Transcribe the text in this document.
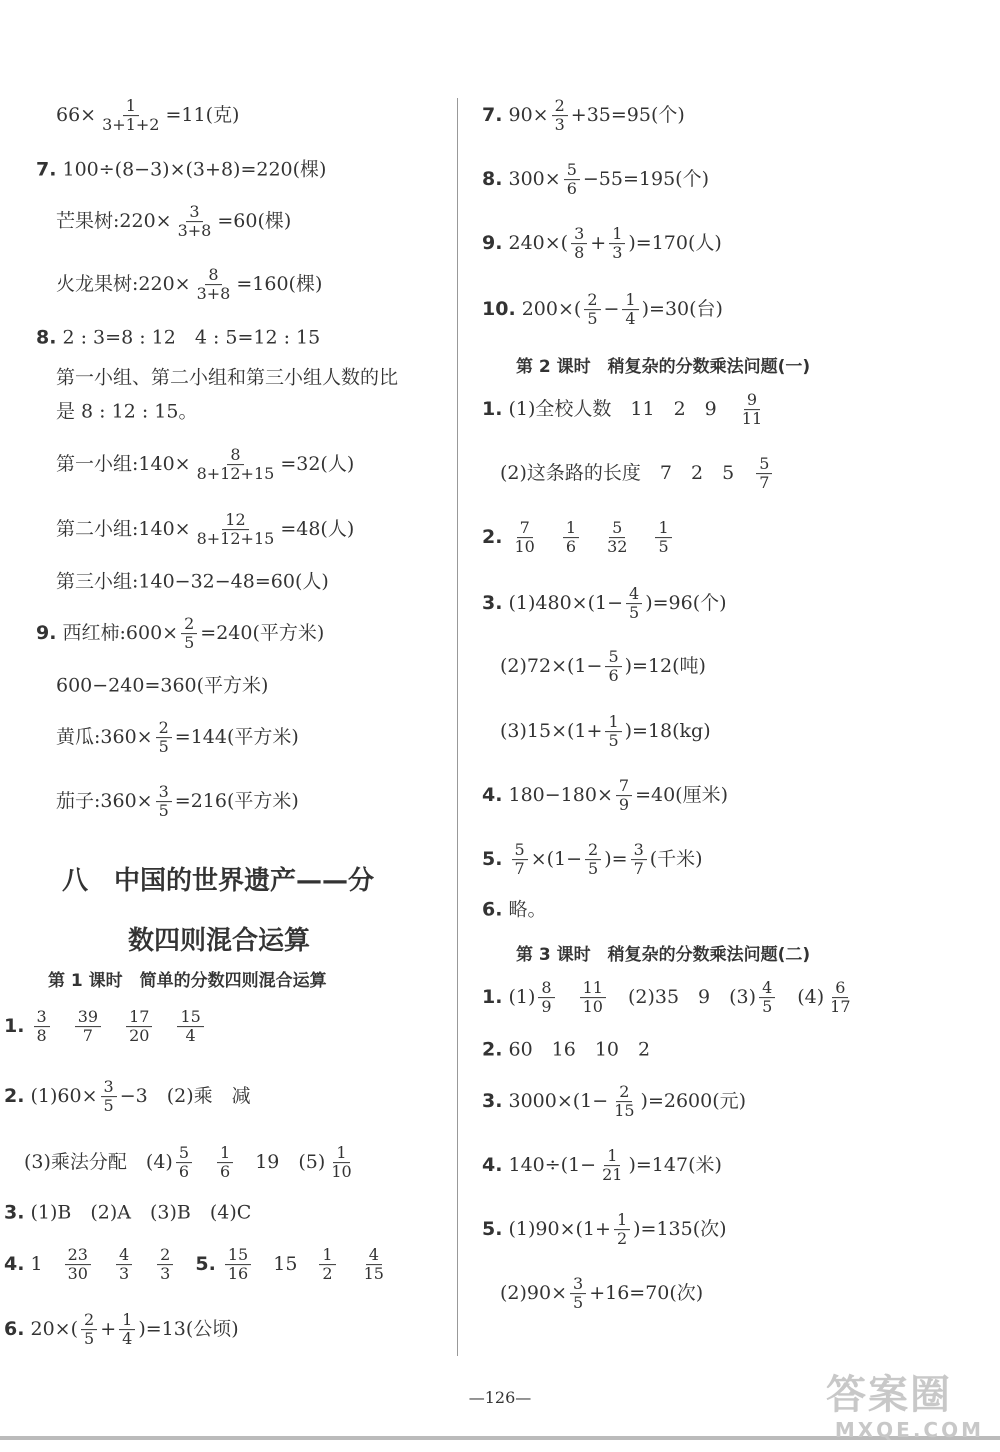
$66\times \frac{1}{3+1+2} =11$(克)
7. 100÷(8−3)×(3+8)=220(棵)
芒果树:220× $\frac{3}{3+8} =60$(棵)
火龙果树:220× $\frac{8}{3+8} =160$(棵)
8. 2 : 3=8 : 12　4 : 5=12 : 15
第一小组、第二小组和第三小组人数的比
是 8 : 12 : 15。
第一小组:140× $\frac{8}{8+12+15} =32$(人)
第二小组:140× $\frac{12}{8+12+15} =48$(人)
第三小组:140−32−48=60(人)
9. 西红柿:600× $\frac{2}{5} =240$(平方米)
600−240=360(平方米)
黄瓜:360× $\frac{2}{5} =144$(平方米)
茄子:360× $\frac{3}{5} =216$(平方米)
1.
$\frac{3}{8}$
　 $\frac{39}{7}$
　 $\frac{17}{20}$
　 $\frac{15}{4}$
2. $(1)60\times \frac{3}{5} -3$　(2)乘　减
(3)乘法分配　$(4) \frac{5}{6}$
　 $\frac{1}{6}$ 　19　$(5) \frac{1}{10}$
3. (1)B　(2)A　(3)B　(4)C
4. 1　 $\frac{23}{30}$
　 $\frac{4}{3}$
　 $\frac{2}{3}$
　 5.
$\frac{15}{16}$ 　15　 $\frac{1}{2}$
　 $\frac{4}{15}$
6. $20\times( \frac{2}{5} + \frac{1}{4} )=13$(公顷)
7. $90\times \frac{2}{3} +35=95$(个)
8. $300\times \frac{5}{6} -55=195$(个)
9. $240\times( \frac{3}{8} + \frac{1}{3} )=170$(人)
10. $200\times( \frac{2}{5} - \frac{1}{4} )=30$(台)
1. (1)全校人数　11　2　9　 $\frac{9}{11}$
(2)这条路的长度　7　2　5　 $\frac{5}{7}$
2.
$\frac{7}{10}$
　 $\frac{1}{6}$
　 $\frac{5}{32}$
　 $\frac{1}{5}$
3. $(1)480\times(1- \frac{4}{5} )=96$(个)
$(2)72\times(1- \frac{5}{6} )=12$(吨)
$(3)15\times(1+ \frac{1}{5} )=18(kg)$
4. $180-180\times \frac{7}{9} =40$(厘米)
5.
$\frac{5}{7} \times(1- \frac{2}{5}$ )= $\frac{3}{7}$ (千米)
6. 略。
1. $(1) \frac{8}{9}$
　 $\frac{11}{10}$ 　(2)35　9　$(3) \frac{4}{5}$ 　$(4) \frac{6}{17}$
2. 60　16　10　2
3. $3000\times(1- \frac{2}{15} )=2600$(元)
4. $140\div(1- \frac{1}{21} )=147$(米)
5. $(1)90\times(1+ \frac{1}{2} )=135$(次)
$(2)90\times \frac{3}{5} +16=70$(次)
第 2 课时　稍复杂的分数乘法问题(一)
八　中国的世界遗产——分
数四则混合运算
第 1 课时　简单的分数四则混合运算
第 3 课时　稍复杂的分数乘法问题(二)
—126—	答案圈
MXQE.COM
